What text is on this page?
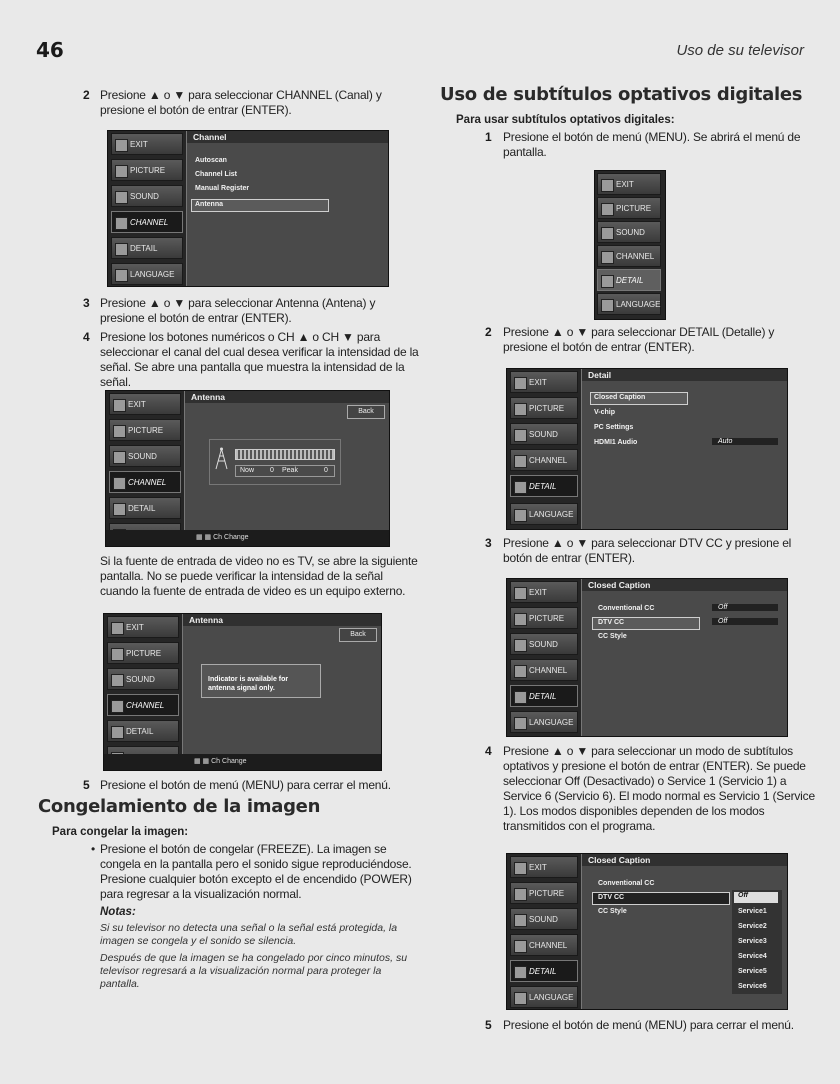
46	Uso de su televisor
2 Presione ▲ o ▼ para seleccionar CHANNEL (Canal) y presione el botón de entrar (ENTER).
EXIT
PICTURE
SOUND
CHANNEL
DETAIL
LANGUAGE
Channel
Autoscan
Channel List
Manual Register
Antenna
3 Presione ▲ o ▼ para seleccionar Antenna (Antena) y presione el botón de entrar (ENTER).
4 Presione los botones numéricos o CH ▲ o CH ▼ para seleccionar el canal del cual desea verificar la intensidad de la señal. Se abre una pantalla que muestra la intensidad de la señal.
EXIT
PICTURE
SOUND
CHANNEL
DETAIL
Antenna
Back
Now 0 Peak	0
▦ ▦ Ch Change
Si la fuente de entrada de video no es TV, se abre la siguiente pantalla. No se puede verificar la intensidad de la señal cuando la fuente de entrada de video es un equipo externo.
EXIT
PICTURE
SOUND
CHANNEL
DETAIL
Antenna
Back
Indicator is available for antenna signal only.
▦ ▦ Ch Change
5 Presione el botón de menú (MENU) para cerrar el menú.
Congelamiento de la imagen
Para congelar la imagen:
• Presione el botón de congelar (FREEZE). La imagen se congela en la pantalla pero el sonido sigue reproduciéndose. Presione cualquier botón excepto el de encendido (POWER) para regresar a la visualización normal.
Notas:
Si su televisor no detecta una señal o la señal está protegida, la imagen se congela y el sonido se silencia.
Después de que la imagen se ha congelado por cinco minutos, su televisor regresará a la visualización normal para proteger la pantalla.
Uso de subtítulos optativos digitales
Para usar subtítulos optativos digitales:
1 Presione el botón de menú (MENU). Se abrirá el menú de pantalla.
EXIT
PICTURE
SOUND
CHANNEL
DETAIL
LANGUAGE
2 Presione ▲ o ▼ para seleccionar DETAIL (Detalle) y presione el botón de entrar (ENTER).
EXIT
PICTURE
SOUND
CHANNEL
DETAIL
LANGUAGE
Detail
Closed Caption
V-chip
PC Settings
HDMI1 Audio	Auto
3 Presione ▲ o ▼ para seleccionar DTV CC y presione el botón de entrar (ENTER).
EXIT
PICTURE
SOUND
CHANNEL
DETAIL
LANGUAGE
Closed Caption
Conventional CC	Off
DTV CC	Off
CC Style
4 Presione ▲ o ▼ para seleccionar un modo de subtítulos optativos y presione el botón de entrar (ENTER). Se puede seleccionar Off (Desactivado) o Service 1 (Servicio 1) a Service 6 (Servicio 6). El modo normal es Servicio 1 (Service 1). Los modos disponibles dependen de los modos transmitidos con el programa.
EXIT
PICTURE
SOUND
CHANNEL
DETAIL
LANGUAGE
Closed Caption
Conventional CC
DTV CC
CC Style
Off
Service1
Service2
Service3
Service4
Service5
Service6
5 Presione el botón de menú (MENU) para cerrar el menú.
